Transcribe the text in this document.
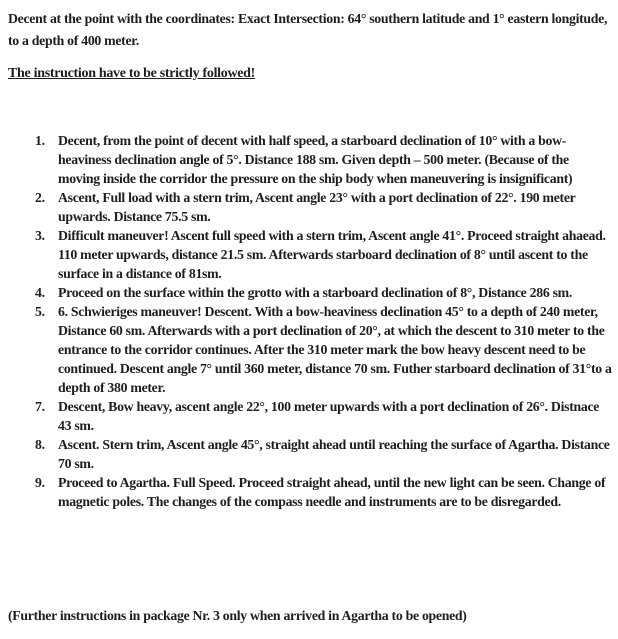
Decent at the point with the coordinates: Exact Intersection: 64° southern latitude and 1° eastern longitude, to a depth of 400 meter.

The instruction have to be strictly followed!
1. Decent, from the point of decent with half speed, a starboard declination of 10° with a bow-heaviness declination angle of 5°. Distance 188 sm. Given depth – 500 meter. (Because of the moving inside the corridor the pressure on the ship body when maneuvering is insignificant)
2. Ascent, Full load with a stern trim, Ascent angle 23° with a port declination of 22°. 190 meter upwards. Distance 75.5 sm.
3. Difficult maneuver! Ascent full speed with a stern trim, Ascent angle 41°. Proceed straight ahaead. 110 meter upwards, distance 21.5 sm. Afterwards starboard declination of 8° until ascent to the surface in a distance of 81sm.
4. Proceed on the surface within the grotto with a starboard declination of 8°, Distance 286 sm.
5. 6. Schwieriges maneuver! Descent. With a bow-heaviness declination 45° to a depth of 240 meter, Distance 60 sm. Afterwards with a port declination of 20°, at which the descent to 310 meter to the entrance to the corridor continues. After the 310 meter mark the bow heavy descent need to be continued. Descent angle 7° until 360 meter, distance 70 sm. Futher starboard declination of 31°to a depth of 380 meter.
7. Descent, Bow heavy, ascent angle 22°, 100 meter upwards with a port declination of 26°. Distnace 43 sm.
8. Ascent. Stern trim, Ascent angle 45°, straight ahead until reaching the surface of Agartha. Distance 70 sm.
9. Proceed to Agartha. Full Speed. Proceed straight ahead, until the new light can be seen. Change of magnetic poles. The changes of the compass needle and instruments are to be disregarded.

(Further instructions in package Nr. 3 only when arrived in Agartha to be opened)
